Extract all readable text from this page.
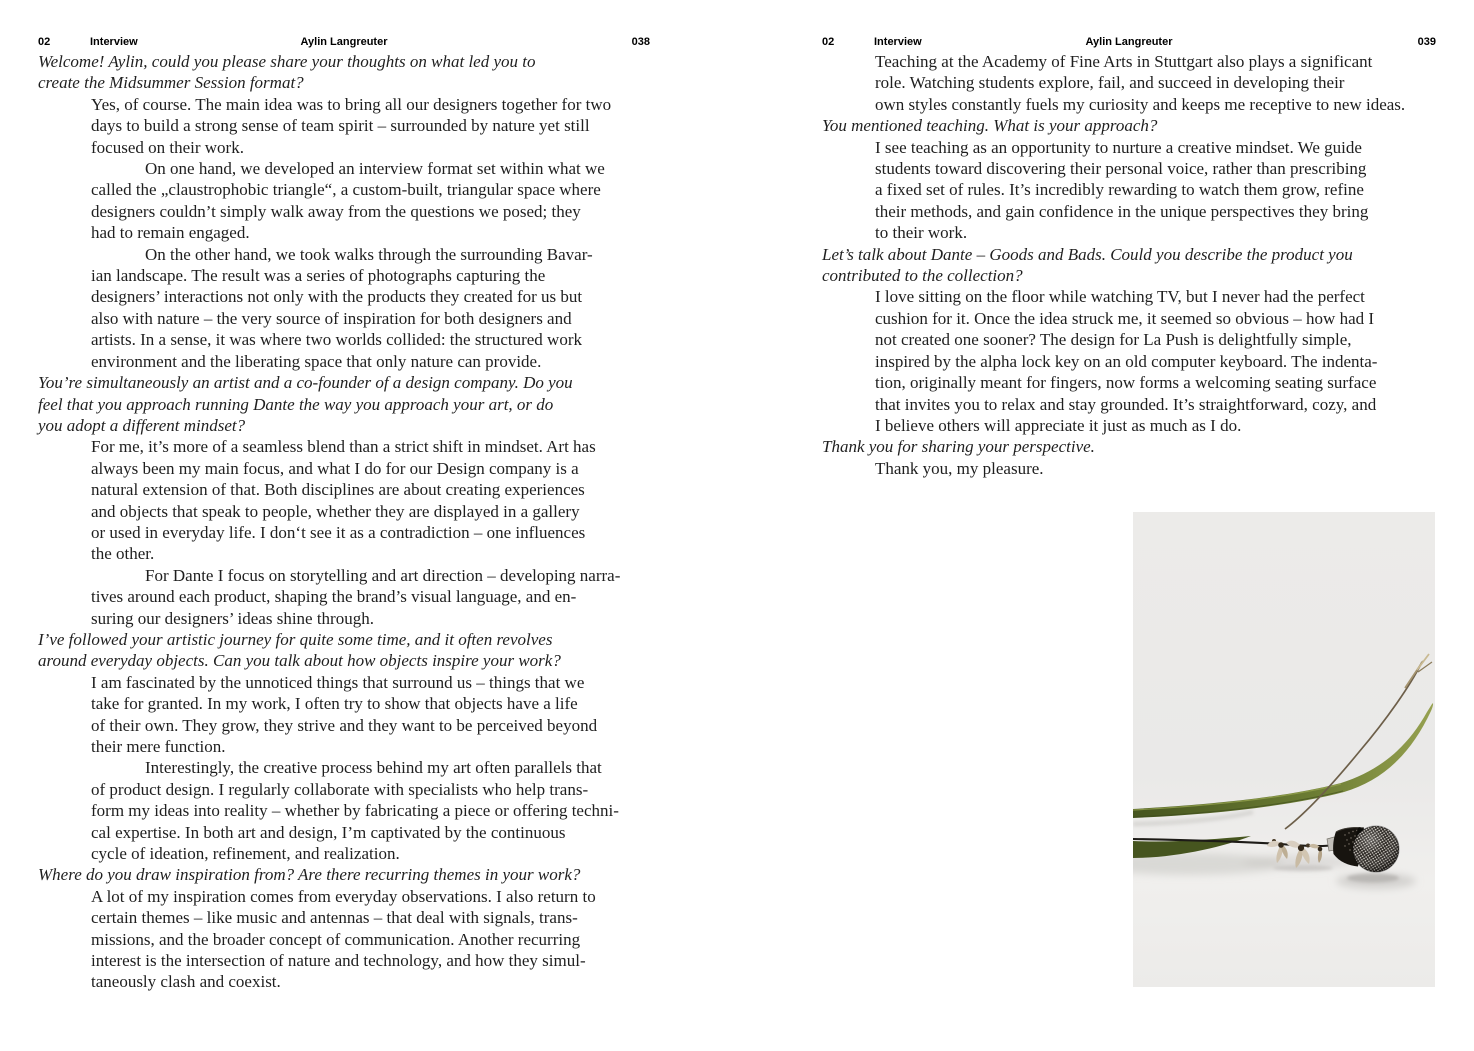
02	Interview	Aylin Langreuter	038
Welcome! Aylin, could you please share your thoughts on what led you to
create the Midsummer Session format?
Yes, of course. The main idea was to bring all our designers together for two
days to build a strong sense of team spirit – surrounded by nature yet still
focused on their work.
On one hand, we developed an interview format set within what we
called the „claustrophobic triangle“, a custom-built, triangular space where
designers couldn’t simply walk away from the questions we posed; they
had to remain engaged.
On the other hand, we took walks through the surrounding Bavar-
ian landscape. The result was a series of photographs capturing the
designers’ interactions not only with the products they created for us but
also with nature – the very source of inspiration for both designers and
artists. In a sense, it was where two worlds collided: the structured work
environment and the liberating space that only nature can provide.
You’re simultaneously an artist and a co-founder of a design company. Do you
feel that you approach running Dante the way you approach your art, or do
you adopt a different mindset?
For me, it’s more of a seamless blend than a strict shift in mindset. Art has
always been my main focus, and what I do for our Design company is a
natural extension of that. Both disciplines are about creating experiences
and objects that speak to people, whether they are displayed in a gallery
or used in everyday life. I don‘t see it as a contradiction – one influences
the other.
For Dante I focus on storytelling and art direction – developing narra-
tives around each product, shaping the brand’s visual language, and en-
suring our designers’ ideas shine through.
I’ve followed your artistic journey for quite some time, and it often revolves
around everyday objects. Can you talk about how objects inspire your work?
I am fascinated by the unnoticed things that surround us – things that we
take for granted. In my work, I often try to show that objects have a life
of their own. They grow, they strive and they want to be perceived beyond
their mere function.
Interestingly, the creative process behind my art often parallels that
of product design. I regularly collaborate with specialists who help trans-
form my ideas into reality – whether by fabricating a piece or offering techni-
cal expertise. In both art and design, I’m captivated by the continuous
cycle of ideation, refinement, and realization.
Where do you draw inspiration from? Are there recurring themes in your work?
A lot of my inspiration comes from everyday observations. I also return to
certain themes – like music and antennas – that deal with signals, trans-
missions, and the broader concept of communication. Another recurring
interest is the intersection of nature and technology, and how they simul-
taneously clash and coexist.
02	Interview	Aylin Langreuter	039
Teaching at the Academy of Fine Arts in Stuttgart also plays a significant
role. Watching students explore, fail, and succeed in developing their
own styles constantly fuels my curiosity and keeps me receptive to new ideas.
You mentioned teaching. What is your approach?
I see teaching as an opportunity to nurture a creative mindset. We guide
students toward discovering their personal voice, rather than prescribing
a fixed set of rules. It’s incredibly rewarding to watch them grow, refine
their methods, and gain confidence in the unique perspectives they bring
to their work.
Let’s talk about Dante – Goods and Bads. Could you describe the product you
contributed to the collection?
I love sitting on the floor while watching TV, but I never had the perfect
cushion for it. Once the idea struck me, it seemed so obvious – how had I
not created one sooner? The design for La Push is delightfully simple,
inspired by the alpha lock key on an old computer keyboard. The indenta-
tion, originally meant for fingers, now forms a welcoming seating surface
that invites you to relax and stay grounded. It’s straightforward, cozy, and
I believe others will appreciate it just as much as I do.
Thank you for sharing your perspective.
Thank you, my pleasure.
